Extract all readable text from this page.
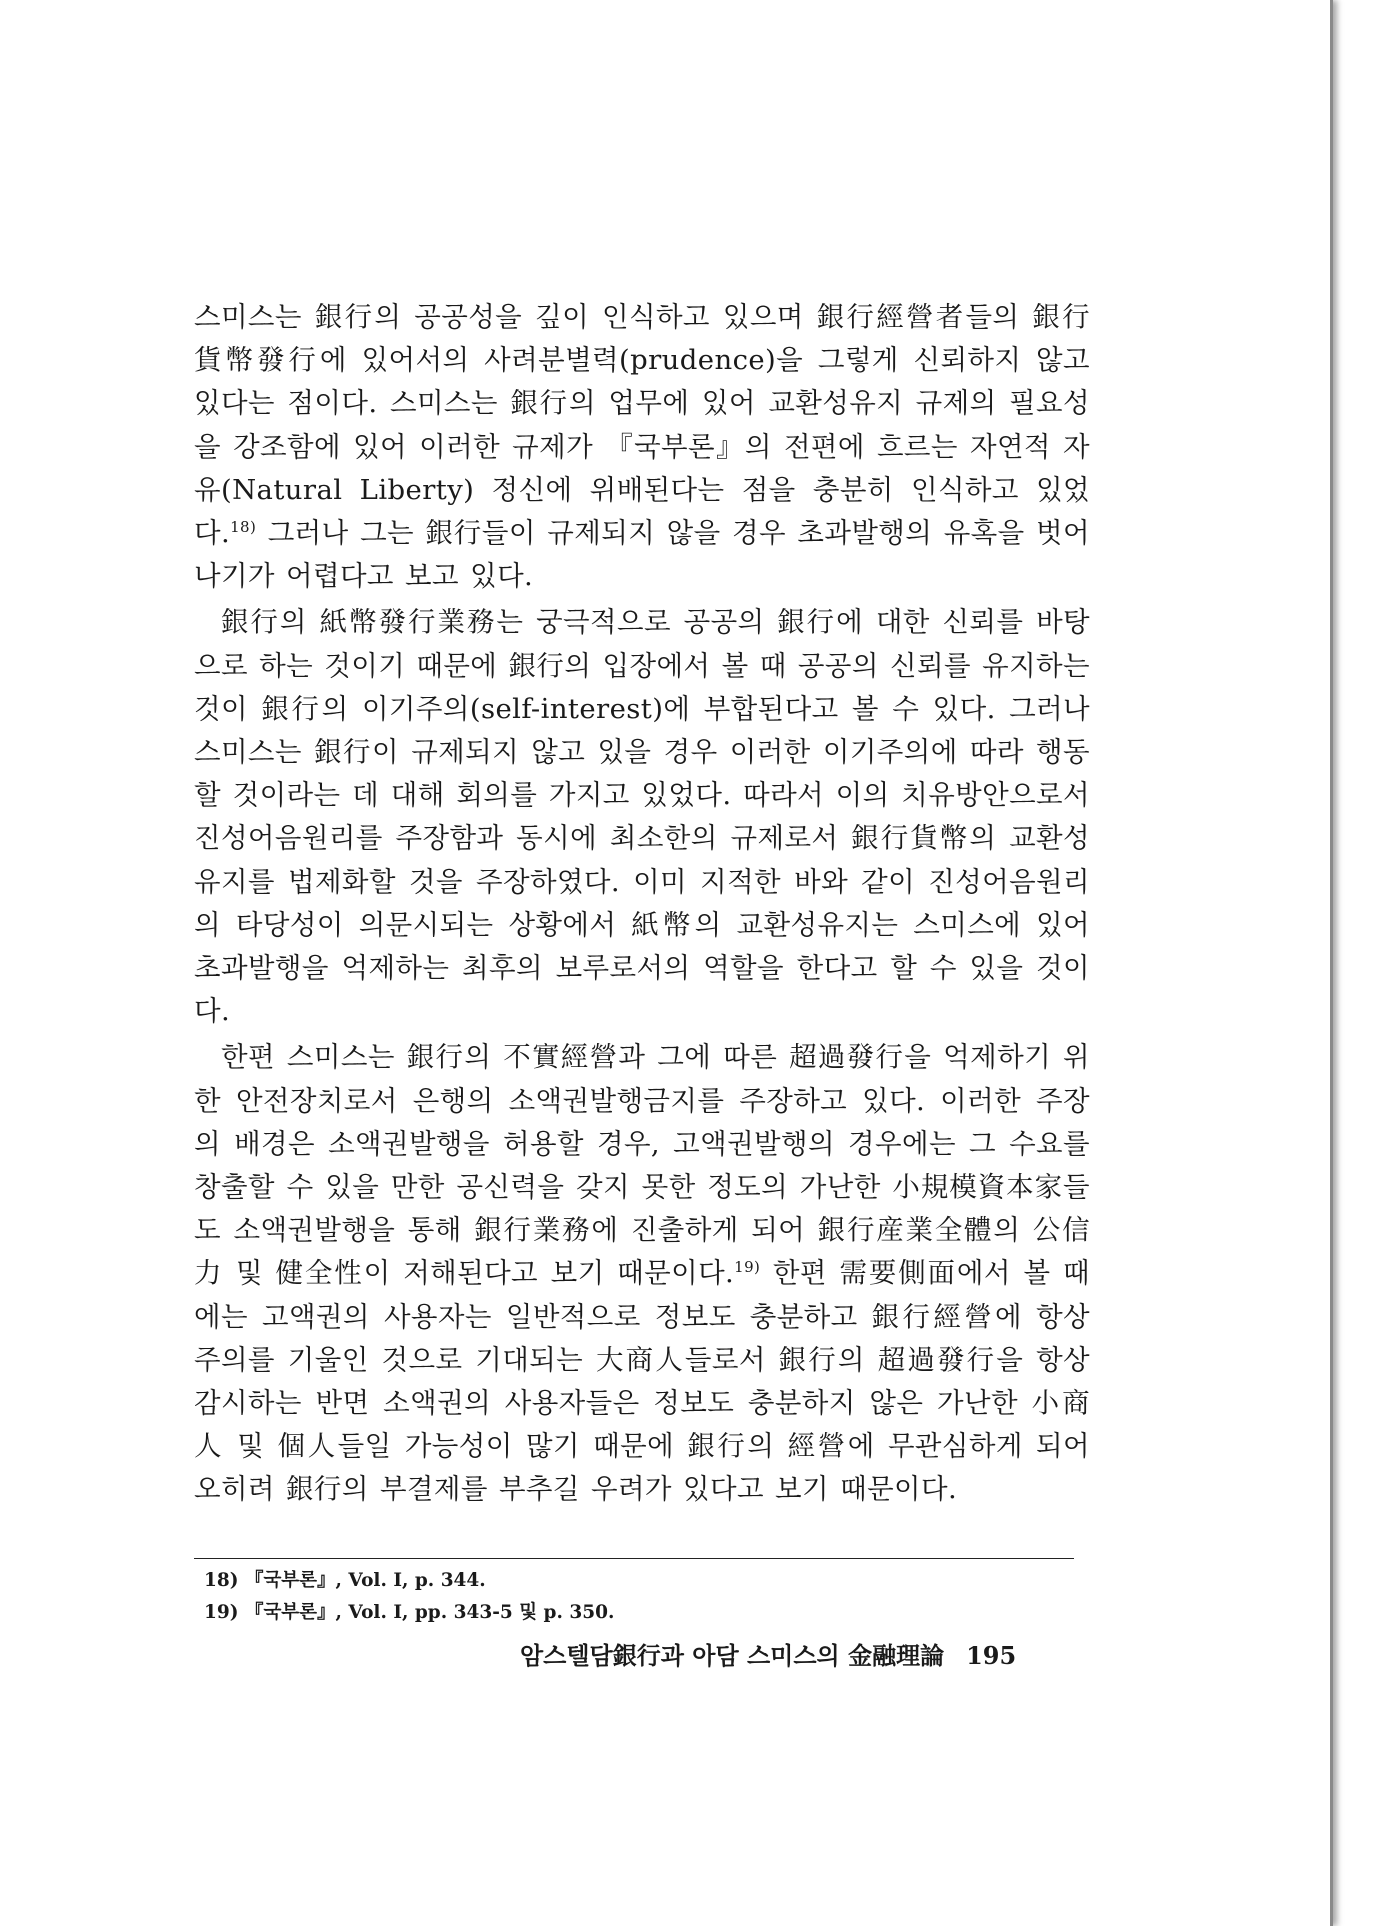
스미스는 銀行의 공공성을 깊이 인식하고 있으며 銀行經營者들의 銀行貨幣發行에 있어서의 사려분별력(prudence)을 그렇게 신뢰하지 않고 있다는 점이다. 스미스는 銀行의 업무에 있어 교환성유지 규제의 필요성을 강조함에 있어 이러한 규제가 『국부론』의 전편에 흐르는 자연적 자유(Natural Liberty) 정신에 위배된다는 점을 충분히 인식하고 있었다.$^{18)}$ 그러나 그는 銀行들이 규제되지 않을 경우 초과발행의 유혹을 벗어나기가 어렵다고 보고 있다.

銀行의 紙幣發行業務는 궁극적으로 공공의 銀行에 대한 신뢰를 바탕으로 하는 것이기 때문에 銀行의 입장에서 볼 때 공공의 신뢰를 유지하는 것이 銀行의 이기주의(self-interest)에 부합된다고 볼 수 있다. 그러나 스미스는 銀行이 규제되지 않고 있을 경우 이러한 이기주의에 따라 행동할 것이라는 데 대해 회의를 가지고 있었다. 따라서 이의 치유방안으로서 진성어음원리를 주장함과 동시에 최소한의 규제로서 銀行貨幣의 교환성유지를 법제화할 것을 주장하였다. 이미 지적한 바와 같이 진성어음원리의 타당성이 의문시되는 상황에서 紙幣의 교환성유지는 스미스에 있어 초과발행을 억제하는 최후의 보루로서의 역할을 한다고 할 수 있을 것이다.

한편 스미스는 銀行의 不實經營과 그에 따른 超過發行을 억제하기 위한 안전장치로서 은행의 소액권발행금지를 주장하고 있다. 이러한 주장의 배경은 소액권발행을 허용할 경우, 고액권발행의 경우에는 그 수요를 창출할 수 있을 만한 공신력을 갖지 못한 정도의 가난한 小規模資本家들도 소액권발행을 통해 銀行業務에 진출하게 되어 銀行産業全體의 公信力 및 健全性이 저해된다고 보기 때문이다.$^{19)}$ 한편 需要側面에서 볼 때에는 고액권의 사용자는 일반적으로 정보도 충분하고 銀行經營에 항상 주의를 기울인 것으로 기대되는 大商人들로서 銀行의 超過發行을 항상 감시하는 반면 소액권의 사용자들은 정보도 충분하지 않은 가난한 小商人 및 個人들일 가능성이 많기 때문에 銀行의 經營에 무관심하게 되어 오히려 銀行의 부결제를 부추길 우려가 있다고 보기 때문이다.

18) 『국부론』, Vol. I, p. 344.
19) 『국부론』, Vol. I, pp. 343-5 및 p. 350.
암스텔담銀行과 아담 스미스의 金融理論 195
